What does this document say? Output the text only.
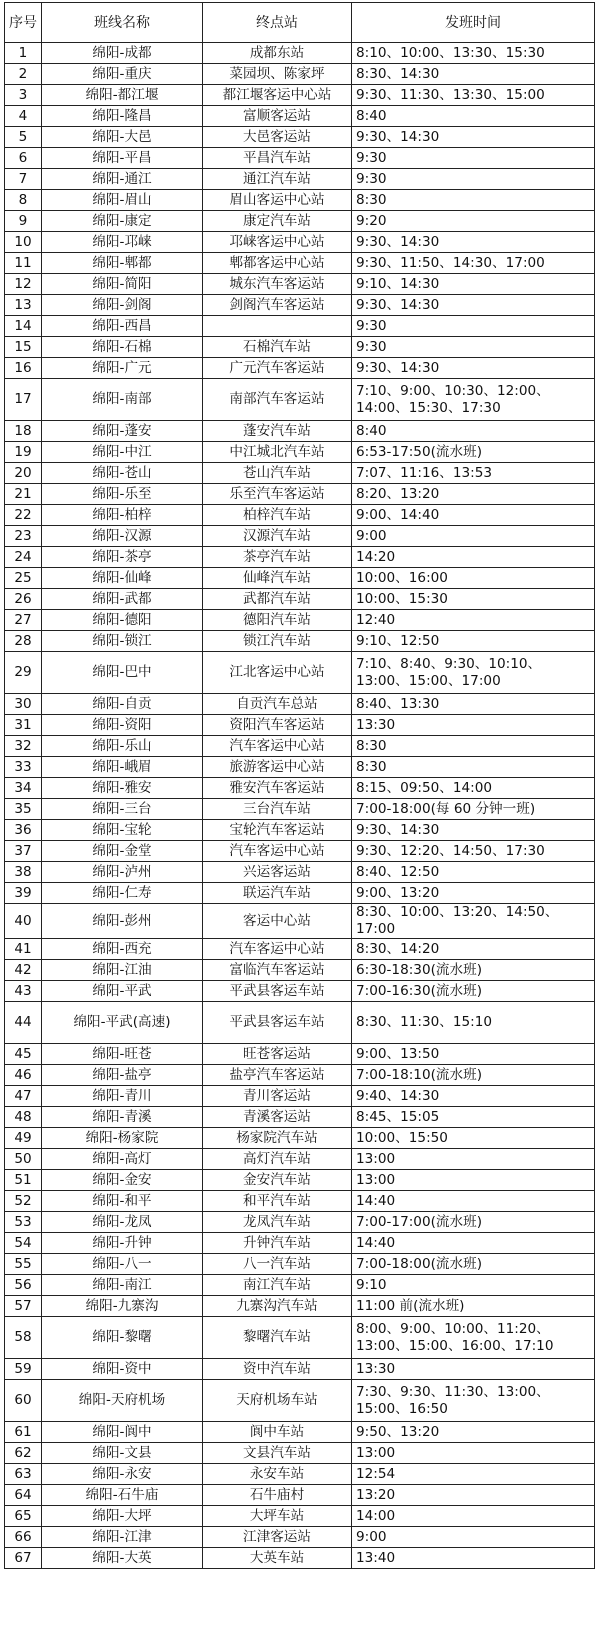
序号	班线名称	终点站	发班时间
1	绵阳-成都	成都东站	8:10、10:00、13:30、15:30
2	绵阳-重庆	菜园坝、陈家坪	8:30、14:30
3	绵阳-都江堰	都江堰客运中心站	9:30、11:30、13:30、15:00
4	绵阳-隆昌	富顺客运站	8:40
5	绵阳-大邑	大邑客运站	9:30、14:30
6	绵阳-平昌	平昌汽车站	9:30
7	绵阳-通江	通江汽车站	9:30
8	绵阳-眉山	眉山客运中心站	8:30
9	绵阳-康定	康定汽车站	9:20
10	绵阳-邛崃	邛崃客运中心站	9:30、14:30
11	绵阳-郫都	郫都客运中心站	9:30、11:50、14:30、17:00
12	绵阳-简阳	城东汽车客运站	9:10、14:30
13	绵阳-剑阁	剑阁汽车客运站	9:30、14:30
14	绵阳-西昌		9:30
15	绵阳-石棉	石棉汽车站	9:30
16	绵阳-广元	广元汽车客运站	9:30、14:30
17	绵阳-南部	南部汽车客运站	7:10、9:00、10:30、12:00、14:00、15:30、17:30
18	绵阳-蓬安	蓬安汽车站	8:40
19	绵阳-中江	中江城北汽车站	6:53-17:50(流水班)
20	绵阳-苍山	苍山汽车站	7:07、11:16、13:53
21	绵阳-乐至	乐至汽车客运站	8:20、13:20
22	绵阳-柏梓	柏梓汽车站	9:00、14:40
23	绵阳-汉源	汉源汽车站	9:00
24	绵阳-茶亭	茶亭汽车站	14:20
25	绵阳-仙峰	仙峰汽车站	10:00、16:00
26	绵阳-武都	武都汽车站	10:00、15:30
27	绵阳-德阳	德阳汽车站	12:40
28	绵阳-锁江	锁江汽车站	9:10、12:50
29	绵阳-巴中	江北客运中心站	7:10、8:40、9:30、10:10、13:00、15:00、17:00
30	绵阳-自贡	自贡汽车总站	8:40、13:30
31	绵阳-资阳	资阳汽车客运站	13:30
32	绵阳-乐山	汽车客运中心站	8:30
33	绵阳-峨眉	旅游客运中心站	8:30
34	绵阳-雅安	雅安汽车客运站	8:15、09:50、14:00
35	绵阳-三台	三台汽车站	7:00-18:00(每 60 分钟一班)
36	绵阳-宝轮	宝轮汽车客运站	9:30、14:30
37	绵阳-金堂	汽车客运中心站	9:30、12:20、14:50、17:30
38	绵阳-泸州	兴运客运站	8:40、12:50
39	绵阳-仁寿	联运汽车站	9:00、13:20
40	绵阳-彭州	客运中心站	8:30、10:00、13:20、14:50、17:00
41	绵阳-西充	汽车客运中心站	8:30、14:20
42	绵阳-江油	富临汽车客运站	6:30-18:30(流水班)
43	绵阳-平武	平武县客运车站	7:00-16:30(流水班)
44	绵阳-平武(高速)	平武县客运车站	8:30、11:30、15:10
45	绵阳-旺苍	旺苍客运站	9:00、13:50
46	绵阳-盐亭	盐亭汽车客运站	7:00-18:10(流水班)
47	绵阳-青川	青川客运站	9:40、14:30
48	绵阳-青溪	青溪客运站	8:45、15:05
49	绵阳-杨家院	杨家院汽车站	10:00、15:50
50	绵阳-高灯	高灯汽车站	13:00
51	绵阳-金安	金安汽车站	13:00
52	绵阳-和平	和平汽车站	14:40
53	绵阳-龙凤	龙凤汽车站	7:00-17:00(流水班)
54	绵阳-升钟	升钟汽车站	14:40
55	绵阳-八一	八一汽车站	7:00-18:00(流水班)
56	绵阳-南江	南江汽车站	9:10
57	绵阳-九寨沟	九寨沟汽车站	11:00 前(流水班)
58	绵阳-黎曙	黎曙汽车站	8:00、9:00、10:00、11:20、13:00、15:00、16:00、17:10
59	绵阳-资中	资中汽车站	13:30
60	绵阳-天府机场	天府机场车站	7:30、9:30、11:30、13:00、15:00、16:50
61	绵阳-阆中	阆中车站	9:50、13:20
62	绵阳-文县	文县汽车站	13:00
63	绵阳-永安	永安车站	12:54
64	绵阳-石牛庙	石牛庙村	13:20
65	绵阳-大坪	大坪车站	14:00
66	绵阳-江津	江津客运站	9:00
67	绵阳-大英	大英车站	13:40
